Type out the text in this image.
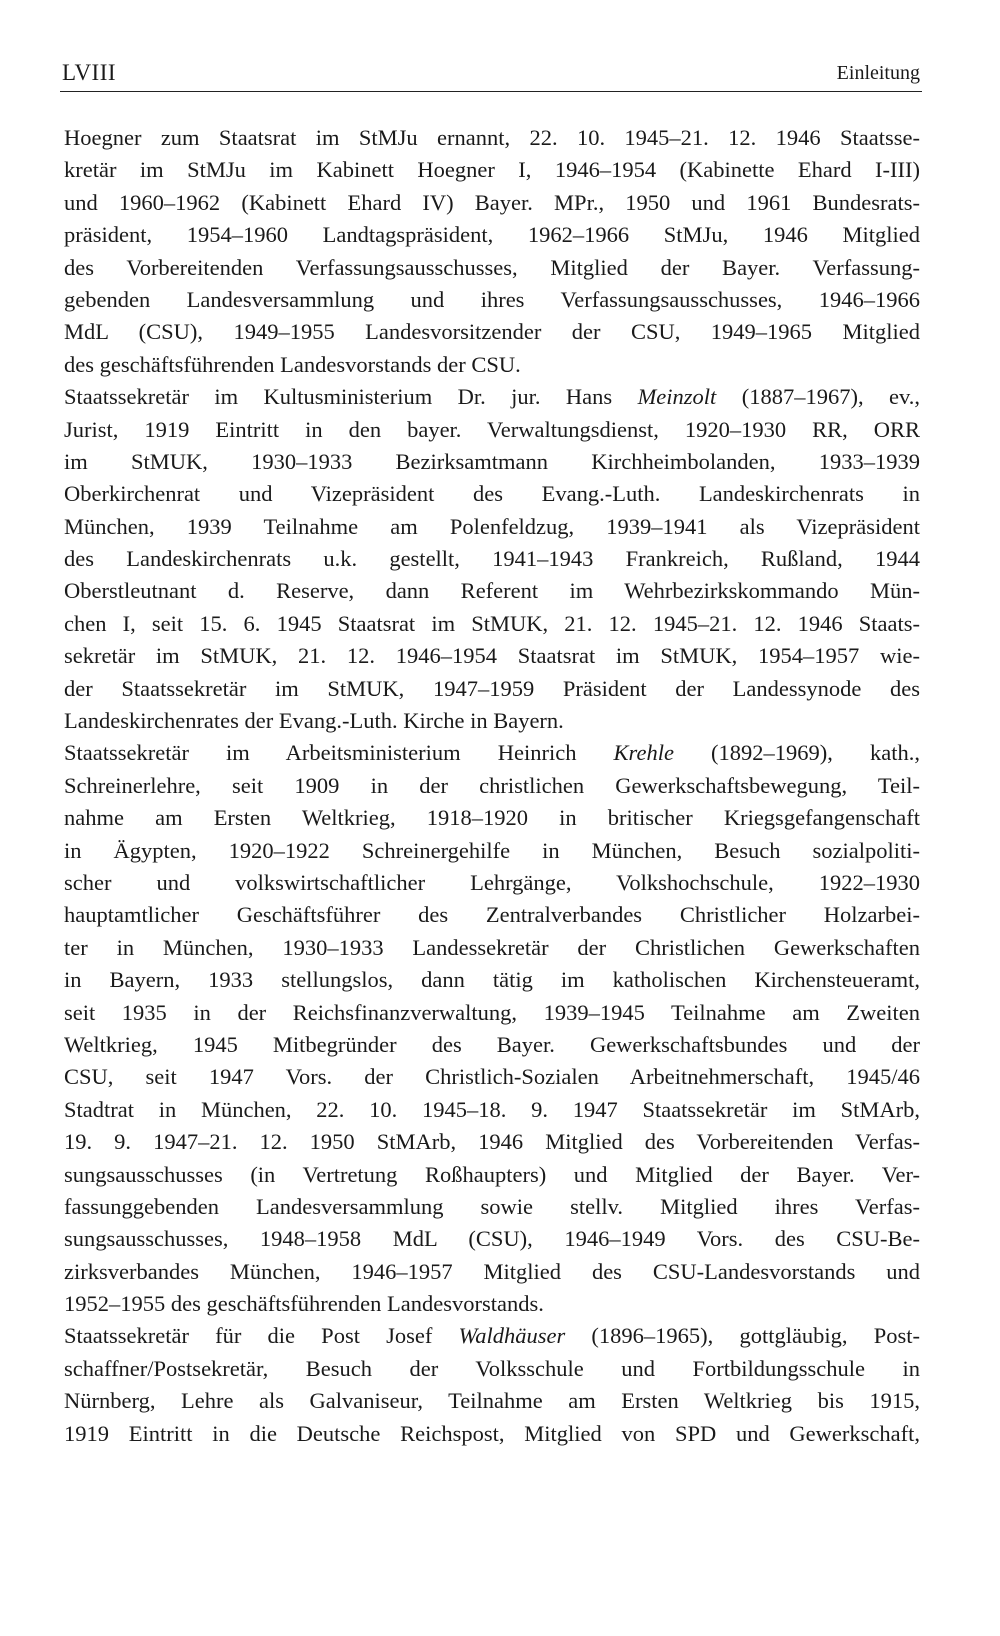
LVIII	Einleitung
Hoegner zum Staatsrat im StMJu ernannt, 22. 10. 1945–21. 12. 1946 Staatsse-
kretär im StMJu im Kabinett Hoegner I, 1946–1954 (Kabinette Ehard I-III)
und 1960–1962 (Kabinett Ehard IV) Bayer. MPr., 1950 und 1961 Bundesrats-
präsident, 1954–1960 Landtagspräsident, 1962–1966 StMJu, 1946 Mitglied
des Vorbereitenden Verfassungsausschusses, Mitglied der Bayer. Verfassung-
gebenden Landesversammlung und ihres Verfassungsausschusses, 1946–1966
MdL (CSU), 1949–1955 Landesvorsitzender der CSU, 1949–1965 Mitglied
des geschäftsführenden Landesvorstands der CSU.
Staatssekretär im Kultusministerium Dr. jur. Hans Meinzolt (1887–1967), ev.,
Jurist, 1919 Eintritt in den bayer. Verwaltungsdienst, 1920–1930 RR, ORR
im StMUK, 1930–1933 Bezirksamtmann Kirchheimbolanden, 1933–1939
Oberkirchenrat und Vizepräsident des Evang.-Luth. Landeskirchenrats in
München, 1939 Teilnahme am Polenfeldzug, 1939–1941 als Vizepräsident
des Landeskirchenrats u.k. gestellt, 1941–1943 Frankreich, Rußland, 1944
Oberstleutnant d. Reserve, dann Referent im Wehrbezirkskommando Mün-
chen I, seit 15. 6. 1945 Staatsrat im StMUK, 21. 12. 1945–21. 12. 1946 Staats-
sekretär im StMUK, 21. 12. 1946–1954 Staatsrat im StMUK, 1954–1957 wie-
der Staatssekretär im StMUK, 1947–1959 Präsident der Landessynode des
Landeskirchenrates der Evang.-Luth. Kirche in Bayern.
Staatssekretär im Arbeitsministerium Heinrich Krehle (1892–1969), kath.,
Schreinerlehre, seit 1909 in der christlichen Gewerkschaftsbewegung, Teil-
nahme am Ersten Weltkrieg, 1918–1920 in britischer Kriegsgefangenschaft
in Ägypten, 1920–1922 Schreinergehilfe in München, Besuch sozialpoliti-
scher und volkswirtschaftlicher Lehrgänge, Volkshochschule, 1922–1930
hauptamtlicher Geschäftsführer des Zentralverbandes Christlicher Holzarbei-
ter in München, 1930–1933 Landessekretär der Christlichen Gewerkschaften
in Bayern, 1933 stellungslos, dann tätig im katholischen Kirchensteueramt,
seit 1935 in der Reichsfinanzverwaltung, 1939–1945 Teilnahme am Zweiten
Weltkrieg, 1945 Mitbegründer des Bayer. Gewerkschaftsbundes und der
CSU, seit 1947 Vors. der Christlich-Sozialen Arbeitnehmerschaft, 1945/46
Stadtrat in München, 22. 10. 1945–18. 9. 1947 Staatssekretär im StMArb,
19. 9. 1947–21. 12. 1950 StMArb, 1946 Mitglied des Vorbereitenden Verfas-
sungsausschusses (in Vertretung Roßhaupters) und Mitglied der Bayer. Ver-
fassunggebenden Landesversammlung sowie stellv. Mitglied ihres Verfas-
sungsausschusses, 1948–1958 MdL (CSU), 1946–1949 Vors. des CSU-Be-
zirksverbandes München, 1946–1957 Mitglied des CSU-Landesvorstands und
1952–1955 des geschäftsführenden Landesvorstands.
Staatssekretär für die Post Josef Waldhäuser (1896–1965), gottgläubig, Post-
schaffner/Postsekretär, Besuch der Volksschule und Fortbildungsschule in
Nürnberg, Lehre als Galvaniseur, Teilnahme am Ersten Weltkrieg bis 1915,
1919 Eintritt in die Deutsche Reichspost, Mitglied von SPD und Gewerkschaft,
